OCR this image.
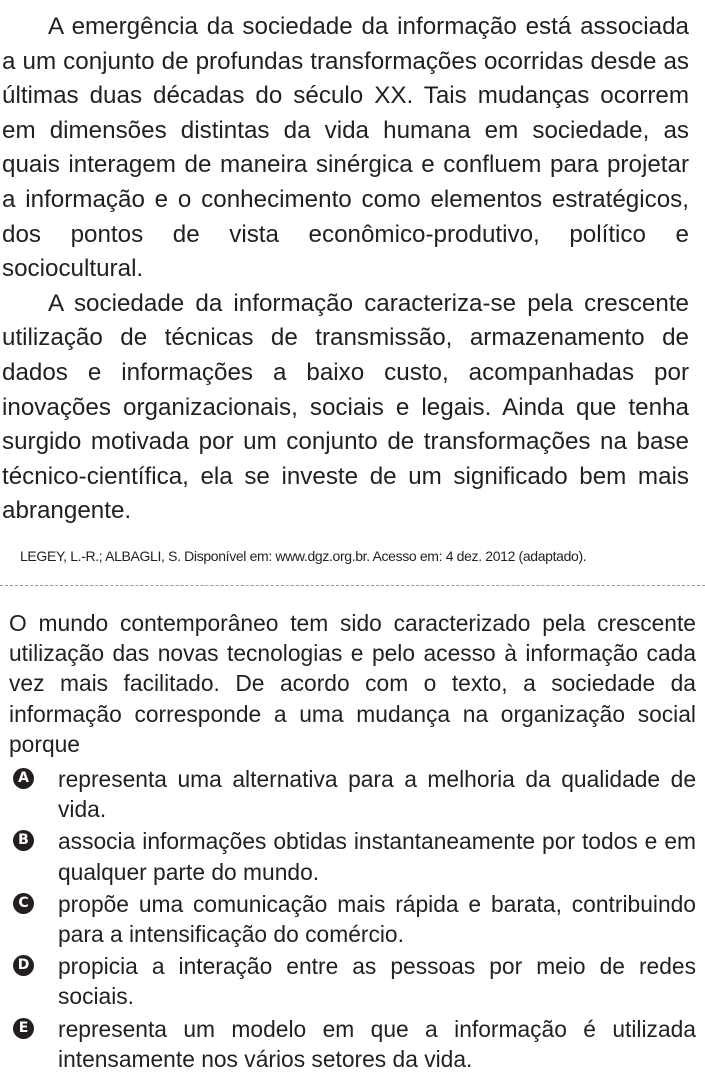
A emergência da sociedade da informação está associada a um conjunto de profundas transformações ocorridas desde as últimas duas décadas do século XX. Tais mudanças ocorrem em dimensões distintas da vida humana em sociedade, as quais interagem de maneira sinérgica e confluem para projetar a informação e o conhecimento como elementos estratégicos, dos pontos de vista econômico-produtivo, político e sociocultural.

A sociedade da informação caracteriza-se pela crescente utilização de técnicas de transmissão, armazenamento de dados e informações a baixo custo, acompanhadas por inovações organizacionais, sociais e legais. Ainda que tenha surgido motivada por um conjunto de transformações na base técnico-científica, ela se investe de um significado bem mais abrangente.

LEGEY, L.-R.; ALBAGLI, S. Disponível em: www.dgz.org.br. Acesso em: 4 dez. 2012 (adaptado).

O mundo contemporâneo tem sido caracterizado pela crescente utilização das novas tecnologias e pelo acesso à informação cada vez mais facilitado. De acordo com o texto, a sociedade da informação corresponde a uma mudança na organização social porque

A representa uma alternativa para a melhoria da qualidade de vida.
B associa informações obtidas instantaneamente por todos e em qualquer parte do mundo.
C propõe uma comunicação mais rápida e barata, contribuindo para a intensificação do comércio.
D propicia a interação entre as pessoas por meio de redes sociais.
E representa um modelo em que a informação é utilizada intensamente nos vários setores da vida.
